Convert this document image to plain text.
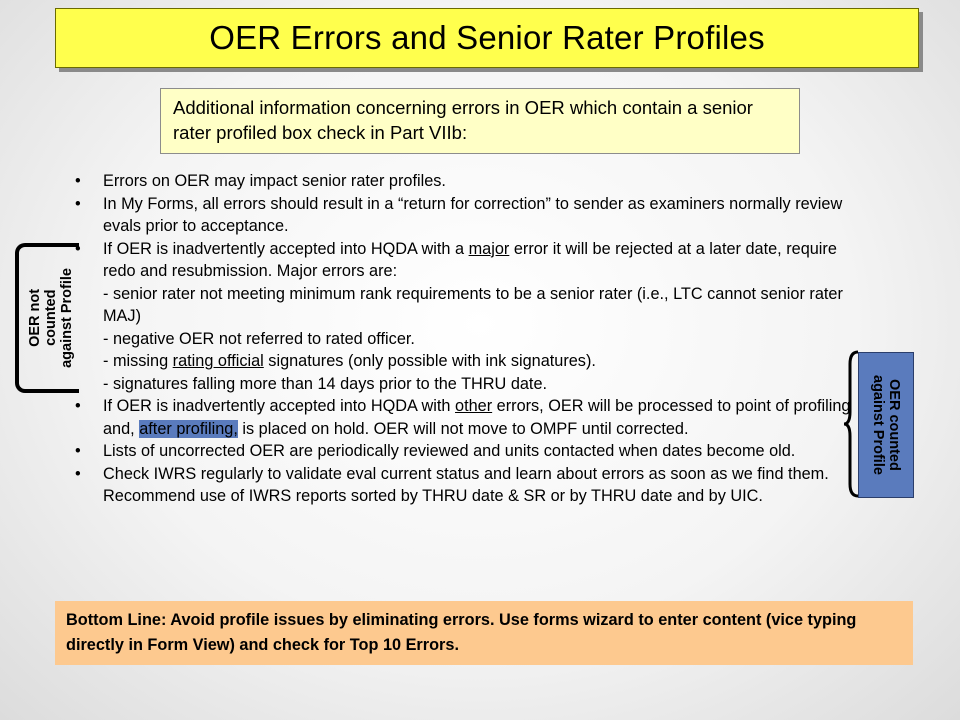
OER Errors and Senior Rater Profiles
Additional information concerning errors in OER which contain a senior rater profiled box check in Part VIIb:
• Errors on OER may impact senior rater profiles.
• In My Forms, all errors should result in a “return for correction” to sender as examiners normally review evals prior to acceptance.
• If OER is inadvertently accepted into HQDA with a major error it will be rejected at a later date, require redo and resubmission. Major errors are:
- senior rater not meeting minimum rank requirements to be a senior rater (i.e., LTC cannot senior rater MAJ)
- negative OER not referred to rated officer.
- missing rating official signatures (only possible with ink signatures).
- signatures falling more than 14 days prior to the THRU date.
• If OER is inadvertently accepted into HQDA with other errors, OER will be processed to point of profiling and, after profiling, is placed on hold. OER will not move to OMPF until corrected.
• Lists of uncorrected OER are periodically reviewed and units contacted when dates become old.
• Check IWRS regularly to validate eval current status and learn about errors as soon as we find them. Recommend use of IWRS reports sorted by THRU date & SR or by THRU date and by UIC.
OER not
counted
against Profile
OER counted
against Profile
Bottom Line: Avoid profile issues by eliminating errors. Use forms wizard to enter content (vice typing directly in Form View) and check for Top 10 Errors.
